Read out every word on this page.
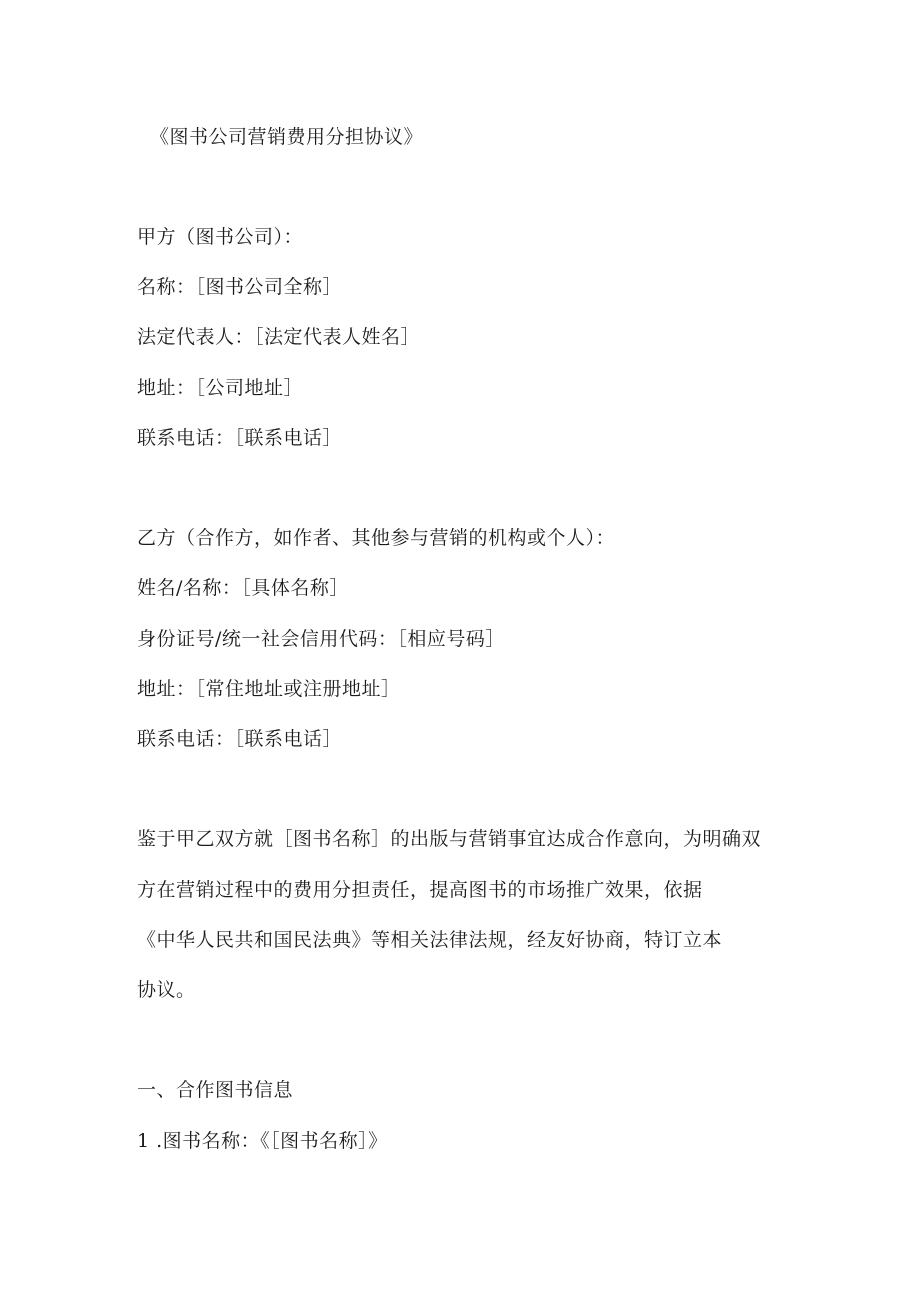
《图书公司营销费用分担协议》
甲方（图书公司）：
名称：［图书公司全称］
法定代表人：［法定代表人姓名］
地址：［公司地址］
联系电话：［联系电话］
乙方（合作方，如作者、其他参与营销的机构或个人）：
姓名/名称：［具体名称］
身份证号/统一社会信用代码：［相应号码］
地址：［常住地址或注册地址］
联系电话：［联系电话］
鉴于甲乙双方就［图书名称］的出版与营销事宜达成合作意向，为明确双
方在营销过程中的费用分担责任，提高图书的市场推广效果，依据
《中华人民共和国民法典》等相关法律法规，经友好协商，特订立本
协议。
一、合作图书信息
1 .图书名称：《［图书名称］》
